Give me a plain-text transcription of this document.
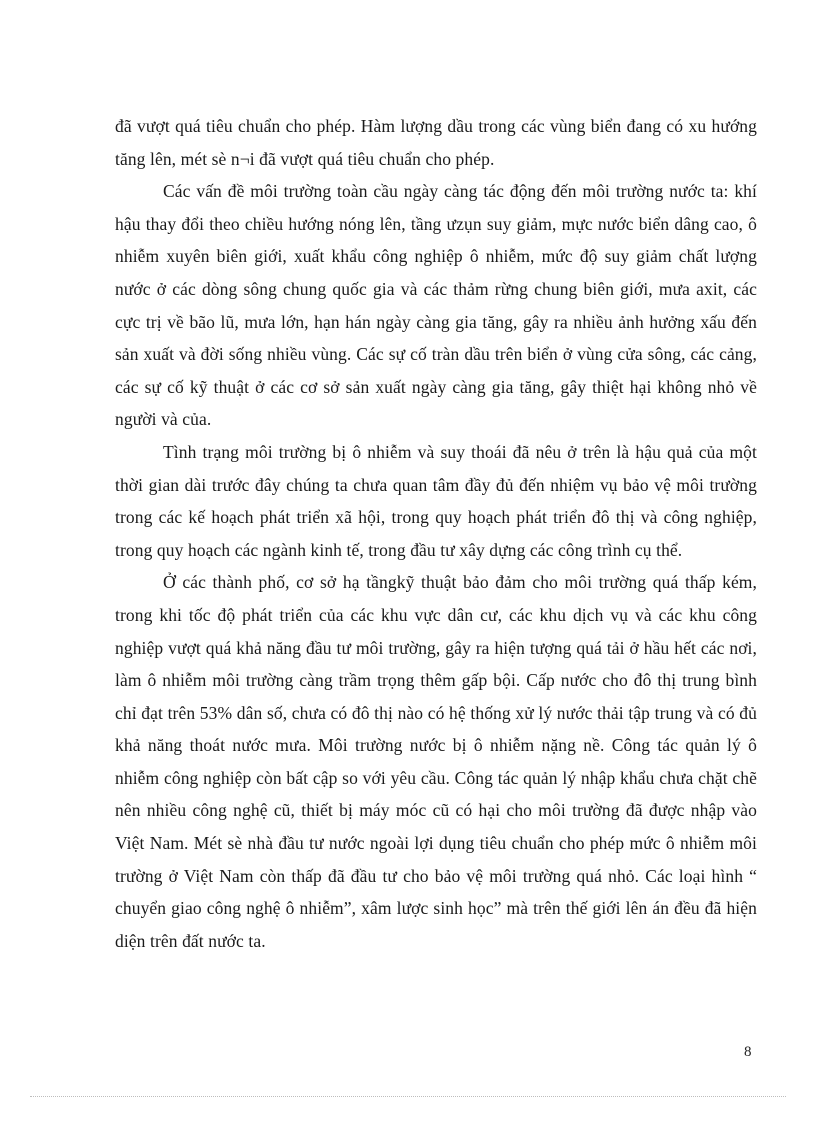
đã vượt quá tiêu chuẩn cho phép. Hàm lượng dầu trong các vùng biển đang có xu hướng tăng lên, mét sè n¬i đã vượt quá tiêu chuẩn cho phép.

Các vấn đề môi trường toàn cầu ngày càng tác động đến môi trường nước ta: khí hậu thay đổi theo chiều hướng nóng lên, tầng ưzụn suy giảm, mực nước biển dâng cao, ô nhiễm xuyên biên giới, xuất khẩu công nghiệp ô nhiễm, mức độ suy giảm chất lượng nước ở các dòng sông chung quốc gia và các thảm rừng chung biên giới, mưa axit, các cực trị về bão lũ, mưa lớn, hạn hán ngày càng gia tăng, gây ra nhiều ảnh hưởng xấu đến sản xuất và đời sống nhiều vùng. Các sự cố tràn dầu trên biển ở vùng cửa sông, các cảng, các sự cố kỹ thuật ở các cơ sở sản xuất ngày càng gia tăng, gây thiệt hại không nhỏ về người và của.

Tình trạng môi trường bị ô nhiễm và suy thoái đã nêu ở trên là hậu quả của một thời gian dài trước đây chúng ta chưa quan tâm đầy đủ đến nhiệm vụ bảo vệ môi trường trong các kế hoạch phát triển xã hội, trong quy hoạch phát triển đô thị và công nghiệp, trong quy hoạch các ngành kinh tế, trong đầu tư xây dựng các công trình cụ thể.

Ở các thành phố, cơ sở hạ tầngkỹ thuật bảo đảm cho môi trường quá thấp kém, trong khi tốc độ phát triển của các khu vực dân cư, các khu dịch vụ và các khu công nghiệp vượt quá khả năng đầu tư môi trường, gây ra hiện tượng quá tải ở hầu hết các nơi, làm ô nhiễm môi trường càng trầm trọng thêm gấp bội. Cấp nước cho đô thị trung bình chỉ đạt trên 53% dân số, chưa có đô thị nào có hệ thống xử lý nước thải tập trung và có đủ khả năng thoát nước mưa. Môi trường nước bị ô nhiễm nặng nề. Công tác quản lý ô nhiễm công nghiệp còn bất cập so với yêu cầu. Công tác quản lý nhập khẩu chưa chặt chẽ nên nhiều công nghệ cũ, thiết bị máy móc cũ có hại cho môi trường đã được nhập vào Việt Nam. Mét sè nhà đầu tư nước ngoài lợi dụng tiêu chuẩn cho phép mức ô nhiễm môi trường ở Việt Nam còn thấp đã đầu tư cho bảo vệ môi trường quá nhỏ. Các loại hình “ chuyển giao công nghệ ô nhiễm”, xâm lược sinh học” mà trên thế giới lên án đều đã hiện diện trên đất nước ta.

8
